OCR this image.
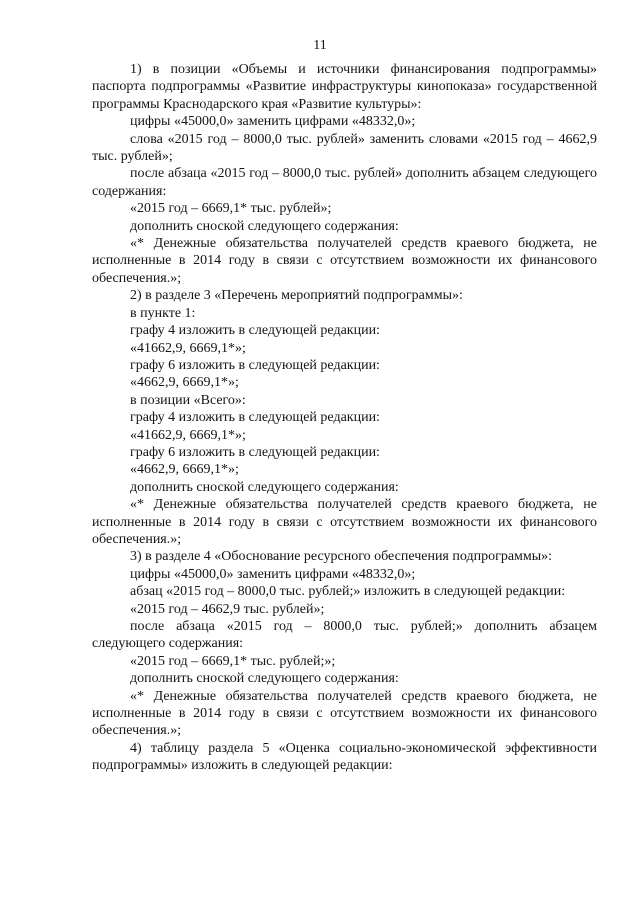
11

1) в позиции «Объемы и источники финансирования подпрограммы» паспорта подпрограммы «Развитие инфраструктуры кинопоказа» государственной программы Краснодарского края «Развитие культуры»:

цифры «45000,0» заменить цифрами «48332,0»;

слова «2015 год – 8000,0 тыс. рублей» заменить словами «2015 год – 4662,9 тыс. рублей»;

после абзаца «2015 год – 8000,0 тыс. рублей» дополнить абзацем следующего содержания:

«2015 год – 6669,1* тыс. рублей»;

дополнить сноской следующего содержания:

«* Денежные обязательства получателей средств краевого бюджета, не исполненные в 2014 году в связи с отсутствием возможности их финансового обеспечения.»;

2) в разделе 3 «Перечень мероприятий подпрограммы»:

в пункте 1:

графу 4 изложить в следующей редакции:

«41662,9, 6669,1*»;

графу 6 изложить в следующей редакции:

«4662,9, 6669,1*»;

в позиции «Всего»:

графу 4 изложить в следующей редакции:

«41662,9, 6669,1*»;

графу 6 изложить в следующей редакции:

«4662,9, 6669,1*»;

дополнить сноской следующего содержания:

«* Денежные обязательства получателей средств краевого бюджета, не исполненные в 2014 году в связи с отсутствием возможности их финансового обеспечения.»;

3) в разделе 4 «Обоснование ресурсного обеспечения подпрограммы»:

цифры «45000,0» заменить цифрами «48332,0»;

абзац «2015 год – 8000,0 тыс. рублей;» изложить в следующей редакции:

«2015 год – 4662,9 тыс. рублей»;

после абзаца «2015 год – 8000,0 тыс. рублей;» дополнить абзацем следующего содержания:

«2015 год – 6669,1* тыс. рублей;»;

дополнить сноской следующего содержания:

«* Денежные обязательства получателей средств краевого бюджета, не исполненные в 2014 году в связи с отсутствием возможности их финансового обеспечения.»;

4) таблицу раздела 5 «Оценка социально-экономической эффективности подпрограммы» изложить в следующей редакции:
